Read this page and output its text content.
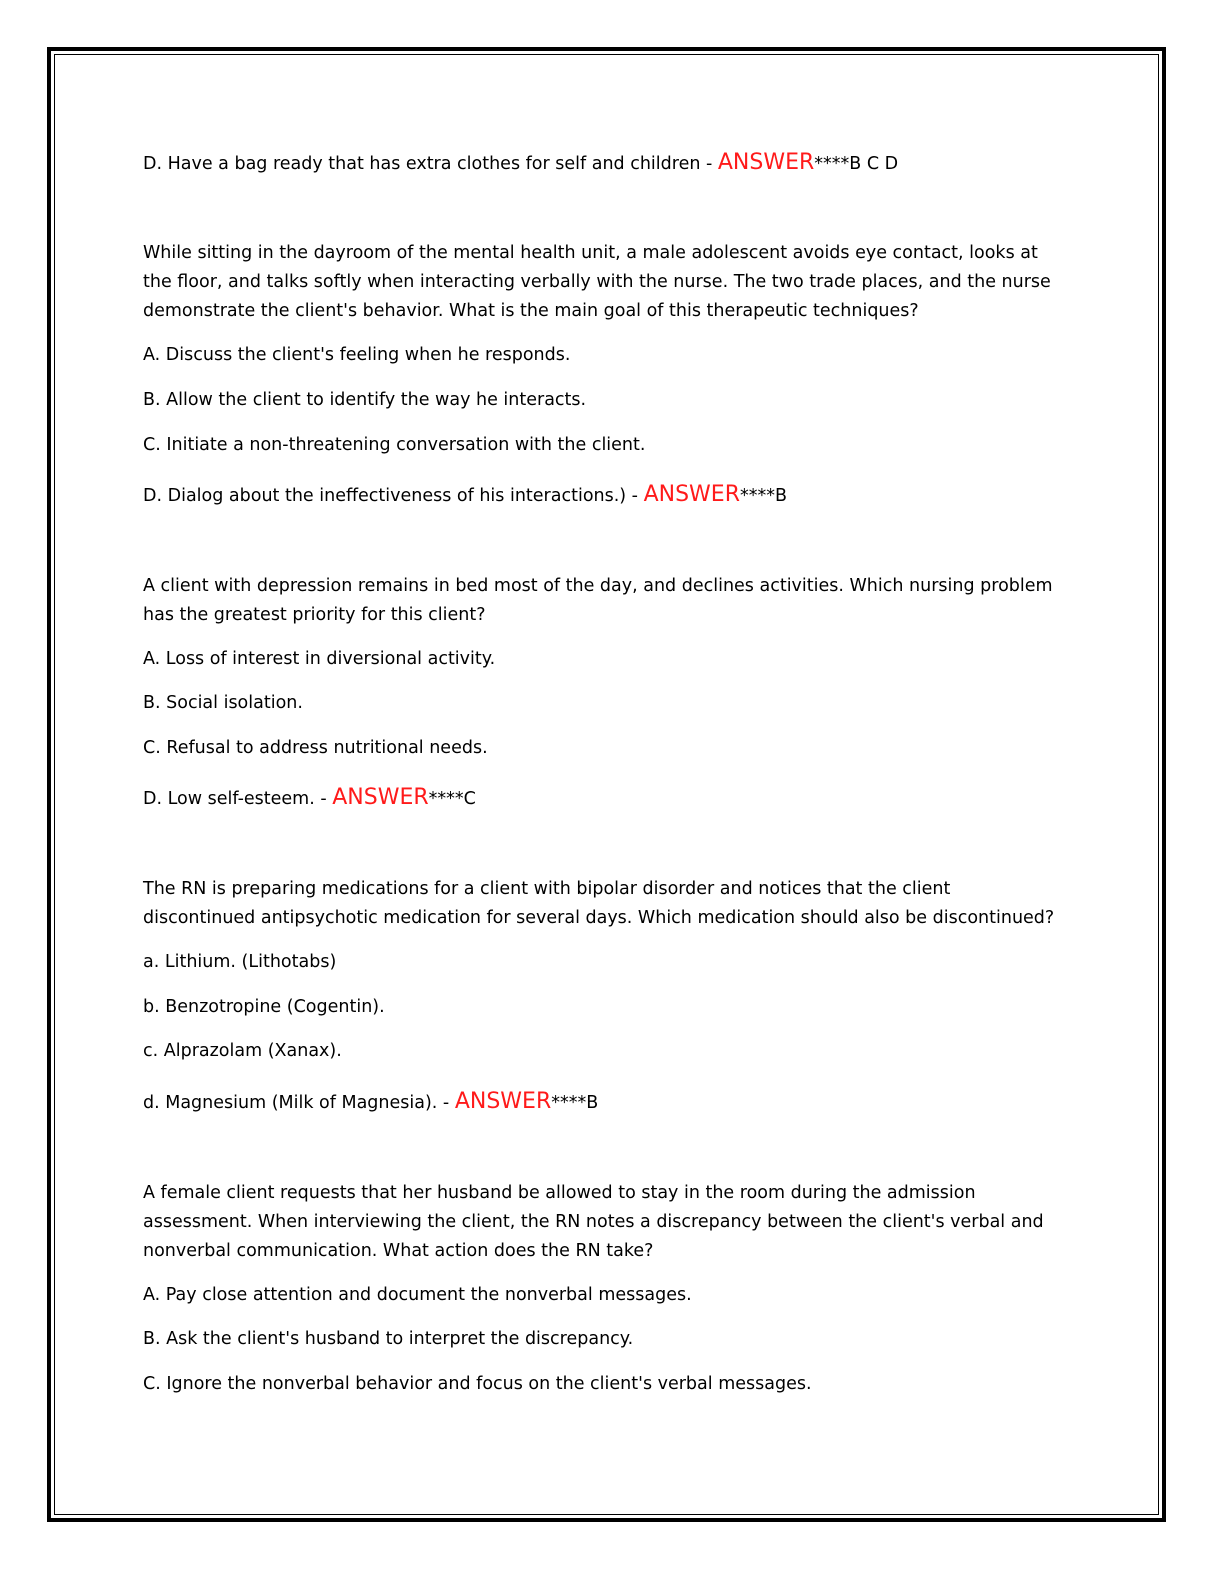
D. Have a bag ready that has extra clothes for self and children - ANSWER****B C D

While sitting in the dayroom of the mental health unit, a male adolescent avoids eye contact, looks at

the floor, and talks softly when interacting verbally with the nurse. The two trade places, and the nurse

demonstrate the client's behavior. What is the main goal of this therapeutic techniques?

A. Discuss the client's feeling when he responds.

B. Allow the client to identify the way he interacts.

C. Initiate a non-threatening conversation with the client.

D. Dialog about the ineffectiveness of his interactions.) - ANSWER****B

A client with depression remains in bed most of the day, and declines activities. Which nursing problem

has the greatest priority for this client?

A. Loss of interest in diversional activity.

B. Social isolation.

C. Refusal to address nutritional needs.

D. Low self-esteem. - ANSWER****C

The RN is preparing medications for a client with bipolar disorder and notices that the client

discontinued antipsychotic medication for several days. Which medication should also be discontinued?

a. Lithium. (Lithotabs)

b. Benzotropine (Cogentin).

c. Alprazolam (Xanax).

d. Magnesium (Milk of Magnesia). - ANSWER****B

A female client requests that her husband be allowed to stay in the room during the admission

assessment. When interviewing the client, the RN notes a discrepancy between the client's verbal and

nonverbal communication. What action does the RN take?

A. Pay close attention and document the nonverbal messages.

B. Ask the client's husband to interpret the discrepancy.

C. Ignore the nonverbal behavior and focus on the client's verbal messages.
